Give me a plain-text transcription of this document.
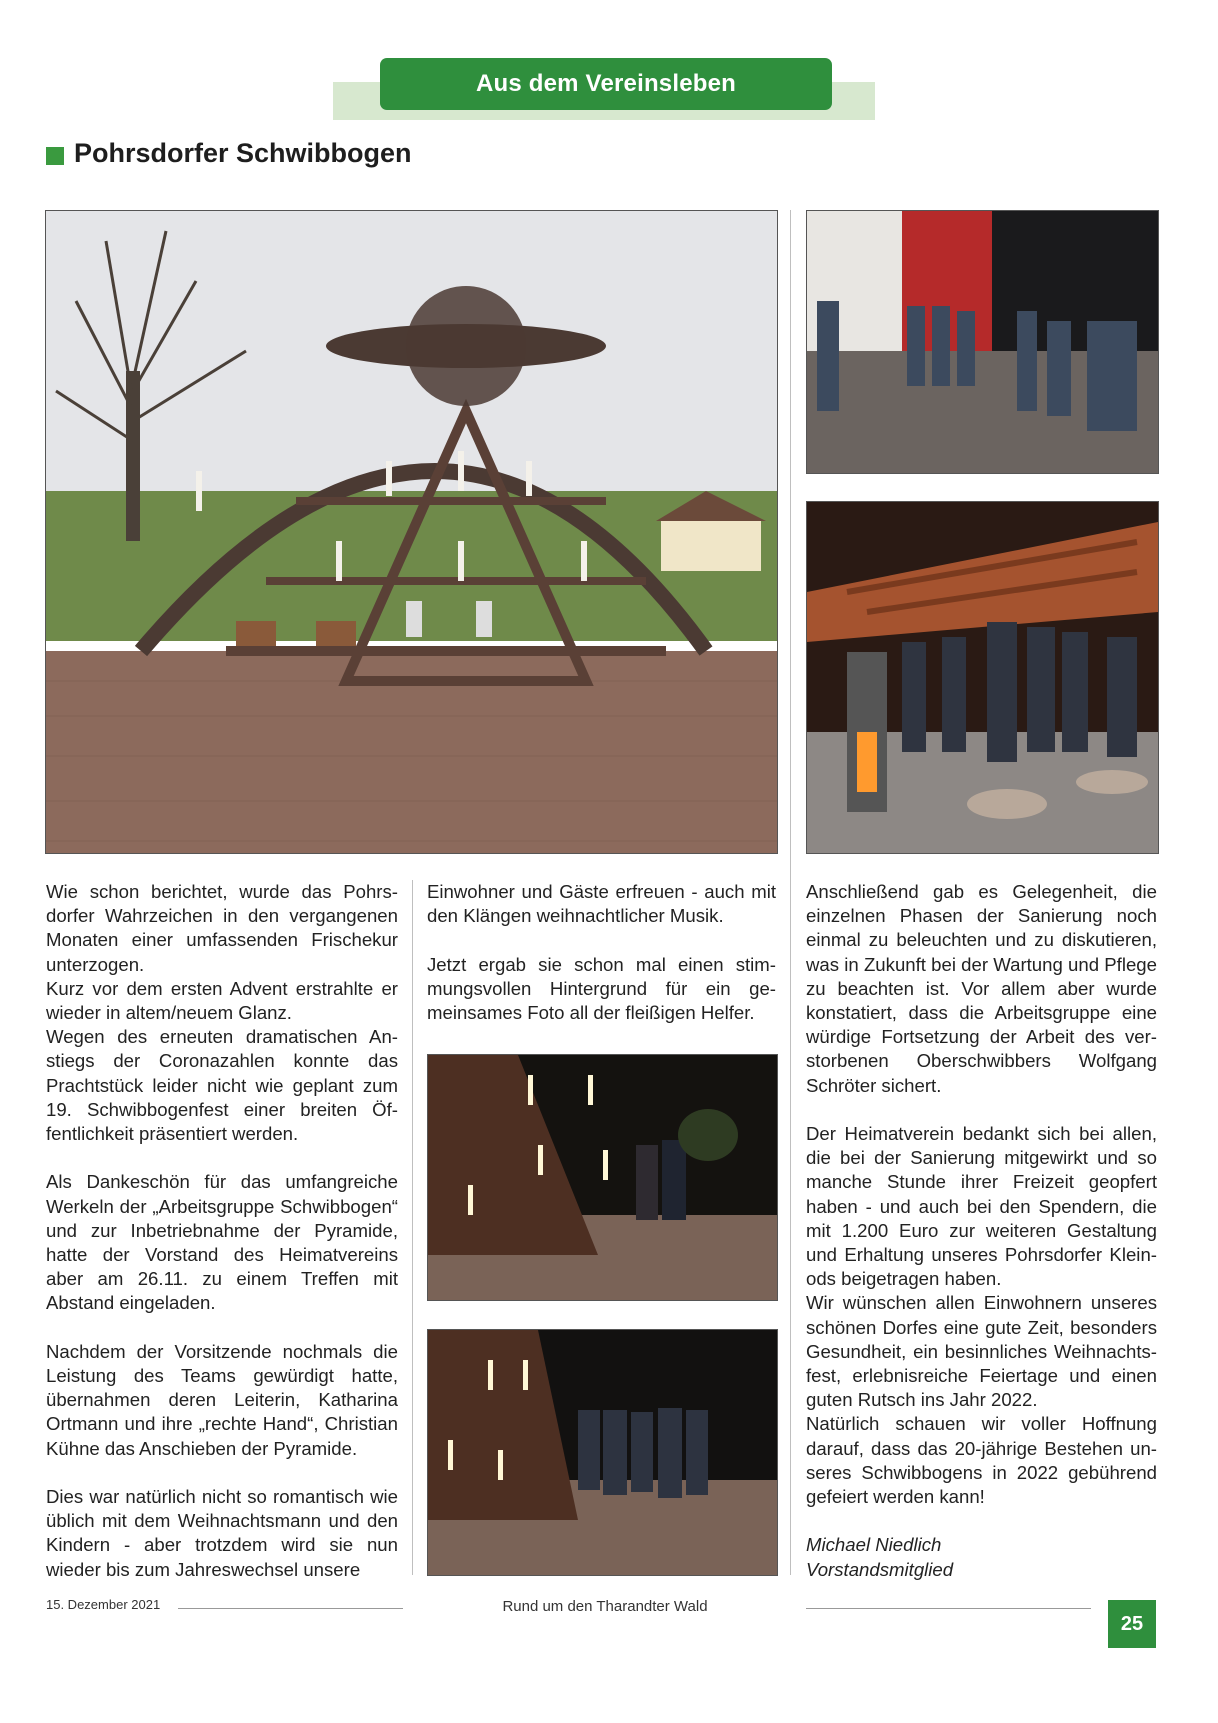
Aus dem Vereinsleben
Pohrsdorfer Schwibbogen

Wie schon berichtet, wurde das Pohrsdorfer Wahrzeichen in den vergangenen Monaten einer umfassenden Frischekur unterzogen.

Kurz vor dem ersten Advent erstrahlte er wieder in altem/neuem Glanz.

Wegen des erneuten dramatischen Anstiegs der Coronazahlen konnte das Prachtstück leider nicht wie geplant zum 19. Schwibbogenfest einer breiten Öffentlichkeit präsentiert werden.

Als Dankeschön für das umfangreiche Werkeln der „Arbeitsgruppe Schwibbogen“ und zur Inbetriebnahme der Pyramide, hatte der Vorstand des Heimatvereins aber am 26.11. zu einem Treffen mit Abstand eingeladen.

Nachdem der Vorsitzende nochmals die Leistung des Teams gewürdigt hatte, übernahmen deren Leiterin, Katharina Ortmann und ihre „rechte Hand“, Christian Kühne das Anschieben der Pyramide.

Dies war natürlich nicht so romantisch wie üblich mit dem Weihnachtsmann und den Kindern - aber trotzdem wird sie nun wieder bis zum Jahreswechsel unsere

Einwohner und Gäste erfreuen - auch mit den Klängen weihnachtlicher Musik.

Jetzt ergab sie schon mal einen stimmungsvollen Hintergrund für ein gemeinsames Foto all der fleißigen Helfer.

Anschließend gab es Gelegenheit, die einzelnen Phasen der Sanierung noch einmal zu beleuchten und zu diskutieren, was in Zukunft bei der Wartung und Pflege zu beachten ist. Vor allem aber wurde konstatiert, dass die Arbeitsgruppe eine würdige Fortsetzung der Arbeit des verstorbenen Oberschwibbers Wolfgang Schröter sichert.

Der Heimatverein bedankt sich bei allen, die bei der Sanierung mitgewirkt und so manche Stunde ihrer Freizeit geopfert haben - und auch bei den Spendern, die mit 1.200 Euro zur weiteren Gestaltung und Erhaltung unseres Pohrsdorfer Kleinods beigetragen haben.

Wir wünschen allen Einwohnern unseres schönen Dorfes eine gute Zeit, besonders Gesundheit, ein besinnliches Weihnachtsfest, erlebnisreiche Feiertage und einen guten Rutsch ins Jahr 2022.

Natürlich schauen wir voller Hoffnung darauf, dass das 20-jährige Bestehen unseres Schwibbogens in 2022 gebührend gefeiert werden kann!

Michael Niedlich

Vorstandsmitglied

15. Dezember 2021	Rund um den Tharandter Wald
25
